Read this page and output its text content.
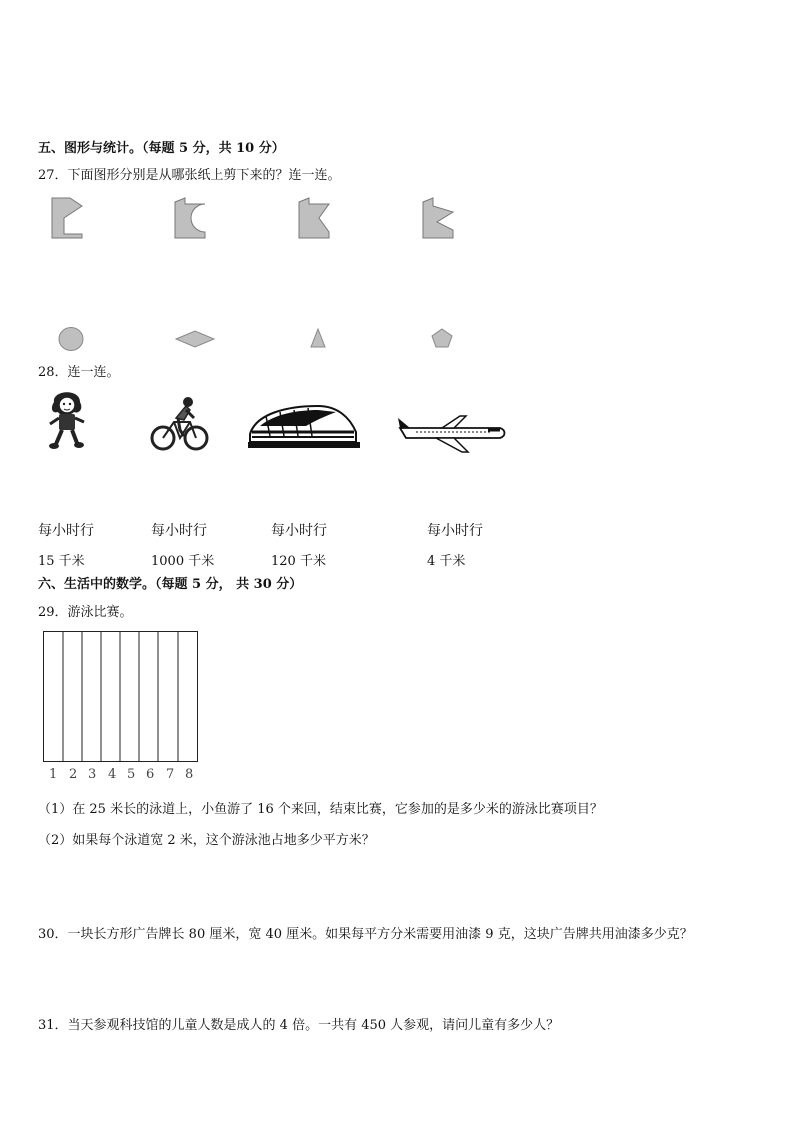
五、图形与统计。（每题 5 分，共 10 分）
27．下面图形分别是从哪张纸上剪下来的？连一连。
28．连一连。
每小时行	每小时行	每小时行	每小时行
15 千米	1000 千米	120 千米	4 千米
六、生活中的数学。（每题 5 分， 共 30 分）
29．游泳比赛。
1 2 3 4 5 6 7 8
（1）在 25 米长的泳道上，小鱼游了 16 个来回，结束比赛，它参加的是多少米的游泳比赛项目？
（2）如果每个泳道宽 2 米，这个游泳池占地多少平方米？
30．一块长方形广告牌长 80 厘米，宽 40 厘米。如果每平方分米需要用油漆 9 克，这块广告牌共用油漆多少克？
31．当天参观科技馆的儿童人数是成人的 4 倍。一共有 450 人参观，请问儿童有多少人？
